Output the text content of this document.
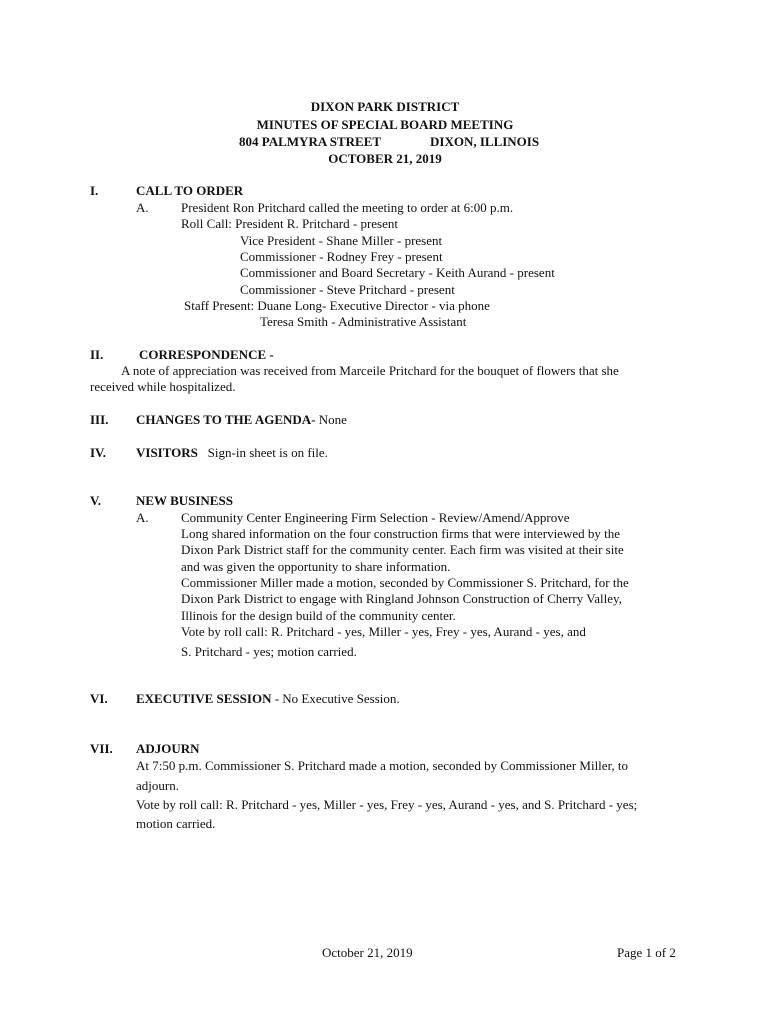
DIXON PARK DISTRICT
MINUTES OF SPECIAL BOARD MEETING
804 PALMYRA STREET	DIXON, ILLINOIS
OCTOBER 21, 2019
I.	CALL TO ORDER
A. President Ron Pritchard called the meeting to order at 6:00 p.m.
Roll Call: President R. Pritchard - present
Vice President - Shane Miller - present
Commissioner - Rodney Frey - present
Commissioner and Board Secretary - Keith Aurand - present
Commissioner - Steve Pritchard - present
Staff Present: Duane Long- Executive Director - via phone
Teresa Smith - Administrative Assistant
II.	CORRESPONDENCE -
A note of appreciation was received from Marceile Pritchard for the bouquet of flowers that she
received while hospitalized.
III. CHANGES TO THE AGENDA- None
IV. VISITORS   Sign-in sheet is on file.
V.	NEW BUSINESS
A. Community Center Engineering Firm Selection - Review/Amend/Approve
Long shared information on the four construction firms that were interviewed by the
Dixon Park District staff for the community center. Each firm was visited at their site
and was given the opportunity to share information.
Commissioner Miller made a motion, seconded by Commissioner S. Pritchard, for the
Dixon Park District to engage with Ringland Johnson Construction of Cherry Valley,
Illinois for the design build of the community center.
Vote by roll call: R. Pritchard - yes, Miller - yes, Frey - yes, Aurand - yes, and
S. Pritchard - yes; motion carried.
VI. EXECUTIVE SESSION - No Executive Session.
VII. ADJOURN
At 7:50 p.m. Commissioner S. Pritchard made a motion, seconded by Commissioner Miller, to
adjourn.
Vote by roll call: R. Pritchard - yes, Miller - yes, Frey - yes, Aurand - yes, and S. Pritchard - yes;
motion carried.
October 21, 2019	Page 1 of 2
